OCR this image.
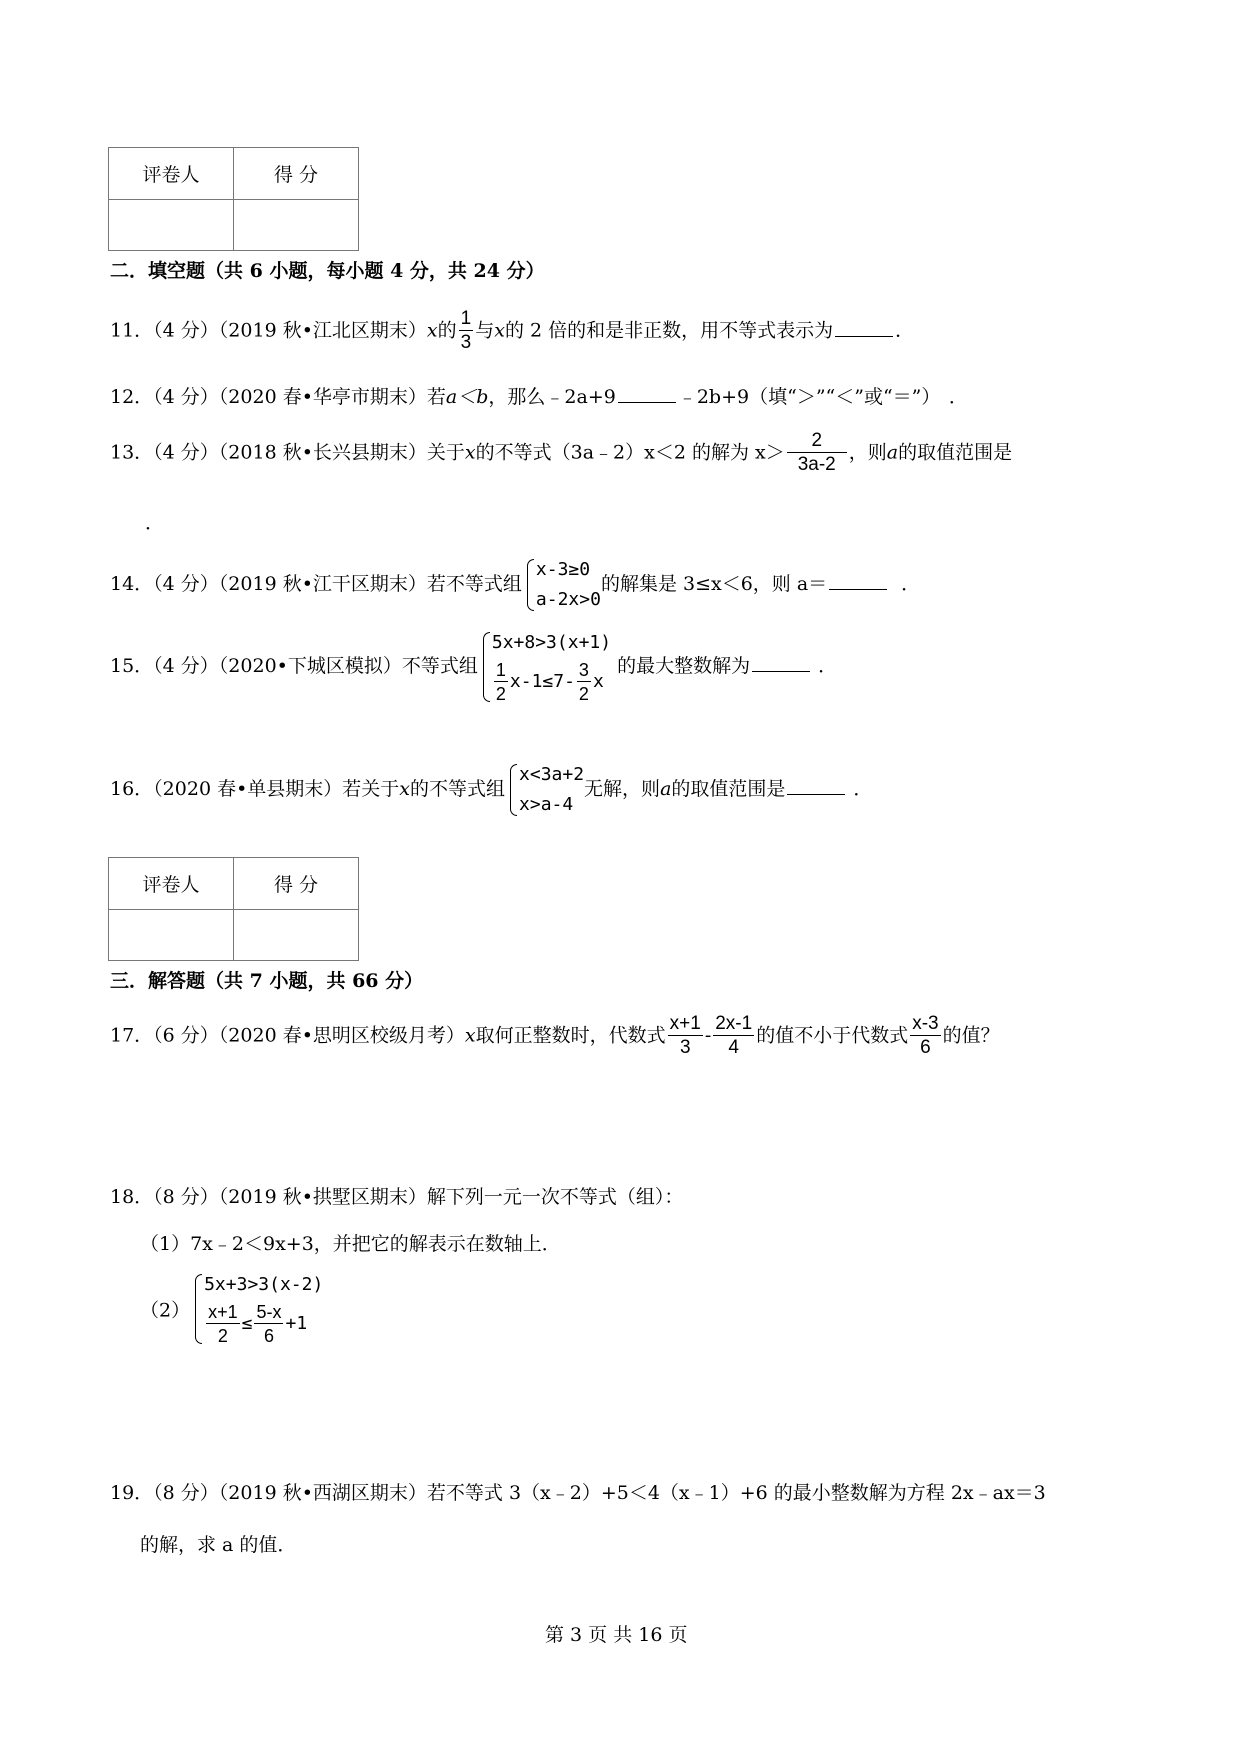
评卷人	得 分

二．填空题（共 6 小题，每小题 4 分，共 24 分）
11．（4 分）（2019 秋•江北区期末）x的 $\frac{1}{3}$ 与x的 2 倍的和是非正数，用不等式表示为	．
12．（4 分）（2020 春•华亭市期末）若a＜b，那么﹣2a+9	﹣2b+9（填“＞”“＜”或“＝”） ．
13．（4 分）（2018 秋•长兴县期末）关于x的不等式（3a﹣2）x＜2 的解为 $x> \frac{2}{3a-2}$ ，则a的取值范围是
．
14．（4 分）（2019 秋•江干区期末）若不等式组
x-3≥0
a-2x>0
的解集是 3≤x＜6，则 a＝	．
15．（4 分）（2020•下城区模拟）不等式组
5x+8>3(x+1)
$\frac{1}{2} x-1\le 7- \frac{3}{2}$ x
的最大整数解为	．
16．（2020 春•单县期末）若关于x的不等式组
x<3a+2
x>a-4
无解，则a的取值范围是	．
评卷人	得 分

三．解答题（共 7 小题，共 66 分）
17．（6 分）（2020 春•思明区校级月考）x取何正整数时，代数式 $\frac{x+1}{3} - \frac{2x-1}{4}$ 的值不小于代数式 $\frac{x-3}{6}$ 的值？
18．（8 分）（2019 秋•拱墅区期末）解下列一元一次不等式（组）：
（1）7x﹣2＜9x+3，并把它的解表示在数轴上．
（2）
5x+3>3(x-2)
$\frac{x+1}{2} \le \frac{5-x}{6} +1$
19．（8 分）（2019 秋•西湖区期末）若不等式 3（x﹣2）+5＜4（x﹣1）+6 的最小整数解为方程 2x﹣ax＝3
的解，求 a 的值．
第 3 页 共 16 页
